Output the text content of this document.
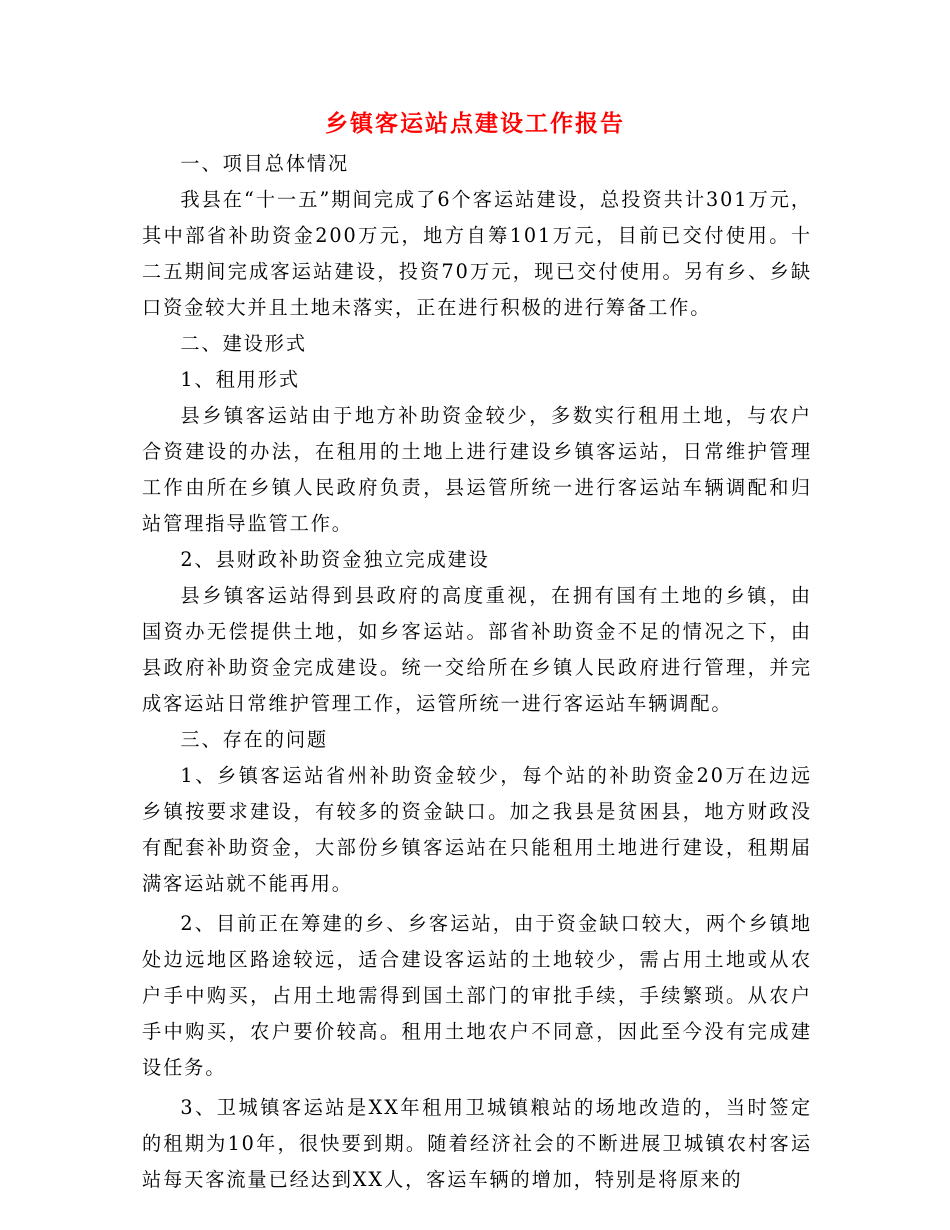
乡镇客运站点建设工作报告

一、项目总体情况

我县在“十一五”期间完成了6个客运站建设，总投资共计301万元，其中部省补助资金200万元，地方自筹101万元，目前已交付使用。十二五期间完成客运站建设，投资70万元，现已交付使用。另有乡、乡缺口资金较大并且土地未落实，正在进行积极的进行筹备工作。

二、建设形式

1、租用形式

县乡镇客运站由于地方补助资金较少，多数实行租用土地，与农户合资建设的办法，在租用的土地上进行建设乡镇客运站，日常维护管理工作由所在乡镇人民政府负责，县运管所统一进行客运站车辆调配和归站管理指导监管工作。

2、县财政补助资金独立完成建设

县乡镇客运站得到县政府的高度重视，在拥有国有土地的乡镇，由国资办无偿提供土地，如乡客运站。部省补助资金不足的情况之下，由县政府补助资金完成建设。统一交给所在乡镇人民政府进行管理，并完成客运站日常维护管理工作，运管所统一进行客运站车辆调配。

三、存在的问题

1、乡镇客运站省州补助资金较少，每个站的补助资金20万在边远乡镇按要求建设，有较多的资金缺口。加之我县是贫困县，地方财政没有配套补助资金，大部份乡镇客运站在只能租用土地进行建设，租期届满客运站就不能再用。

2、目前正在筹建的乡、乡客运站，由于资金缺口较大，两个乡镇地处边远地区路途较远，适合建设客运站的土地较少，需占用土地或从农户手中购买，占用土地需得到国土部门的审批手续，手续繁琐。从农户手中购买，农户要价较高。租用土地农户不同意，因此至今没有完成建设任务。

3、卫城镇客运站是XX年租用卫城镇粮站的场地改造的，当时签定的租期为10年，很快要到期。随着经济社会的不断进展卫城镇农村客运站每天客流量已经达到XX人，客运车辆的增加，特别是将原来的
